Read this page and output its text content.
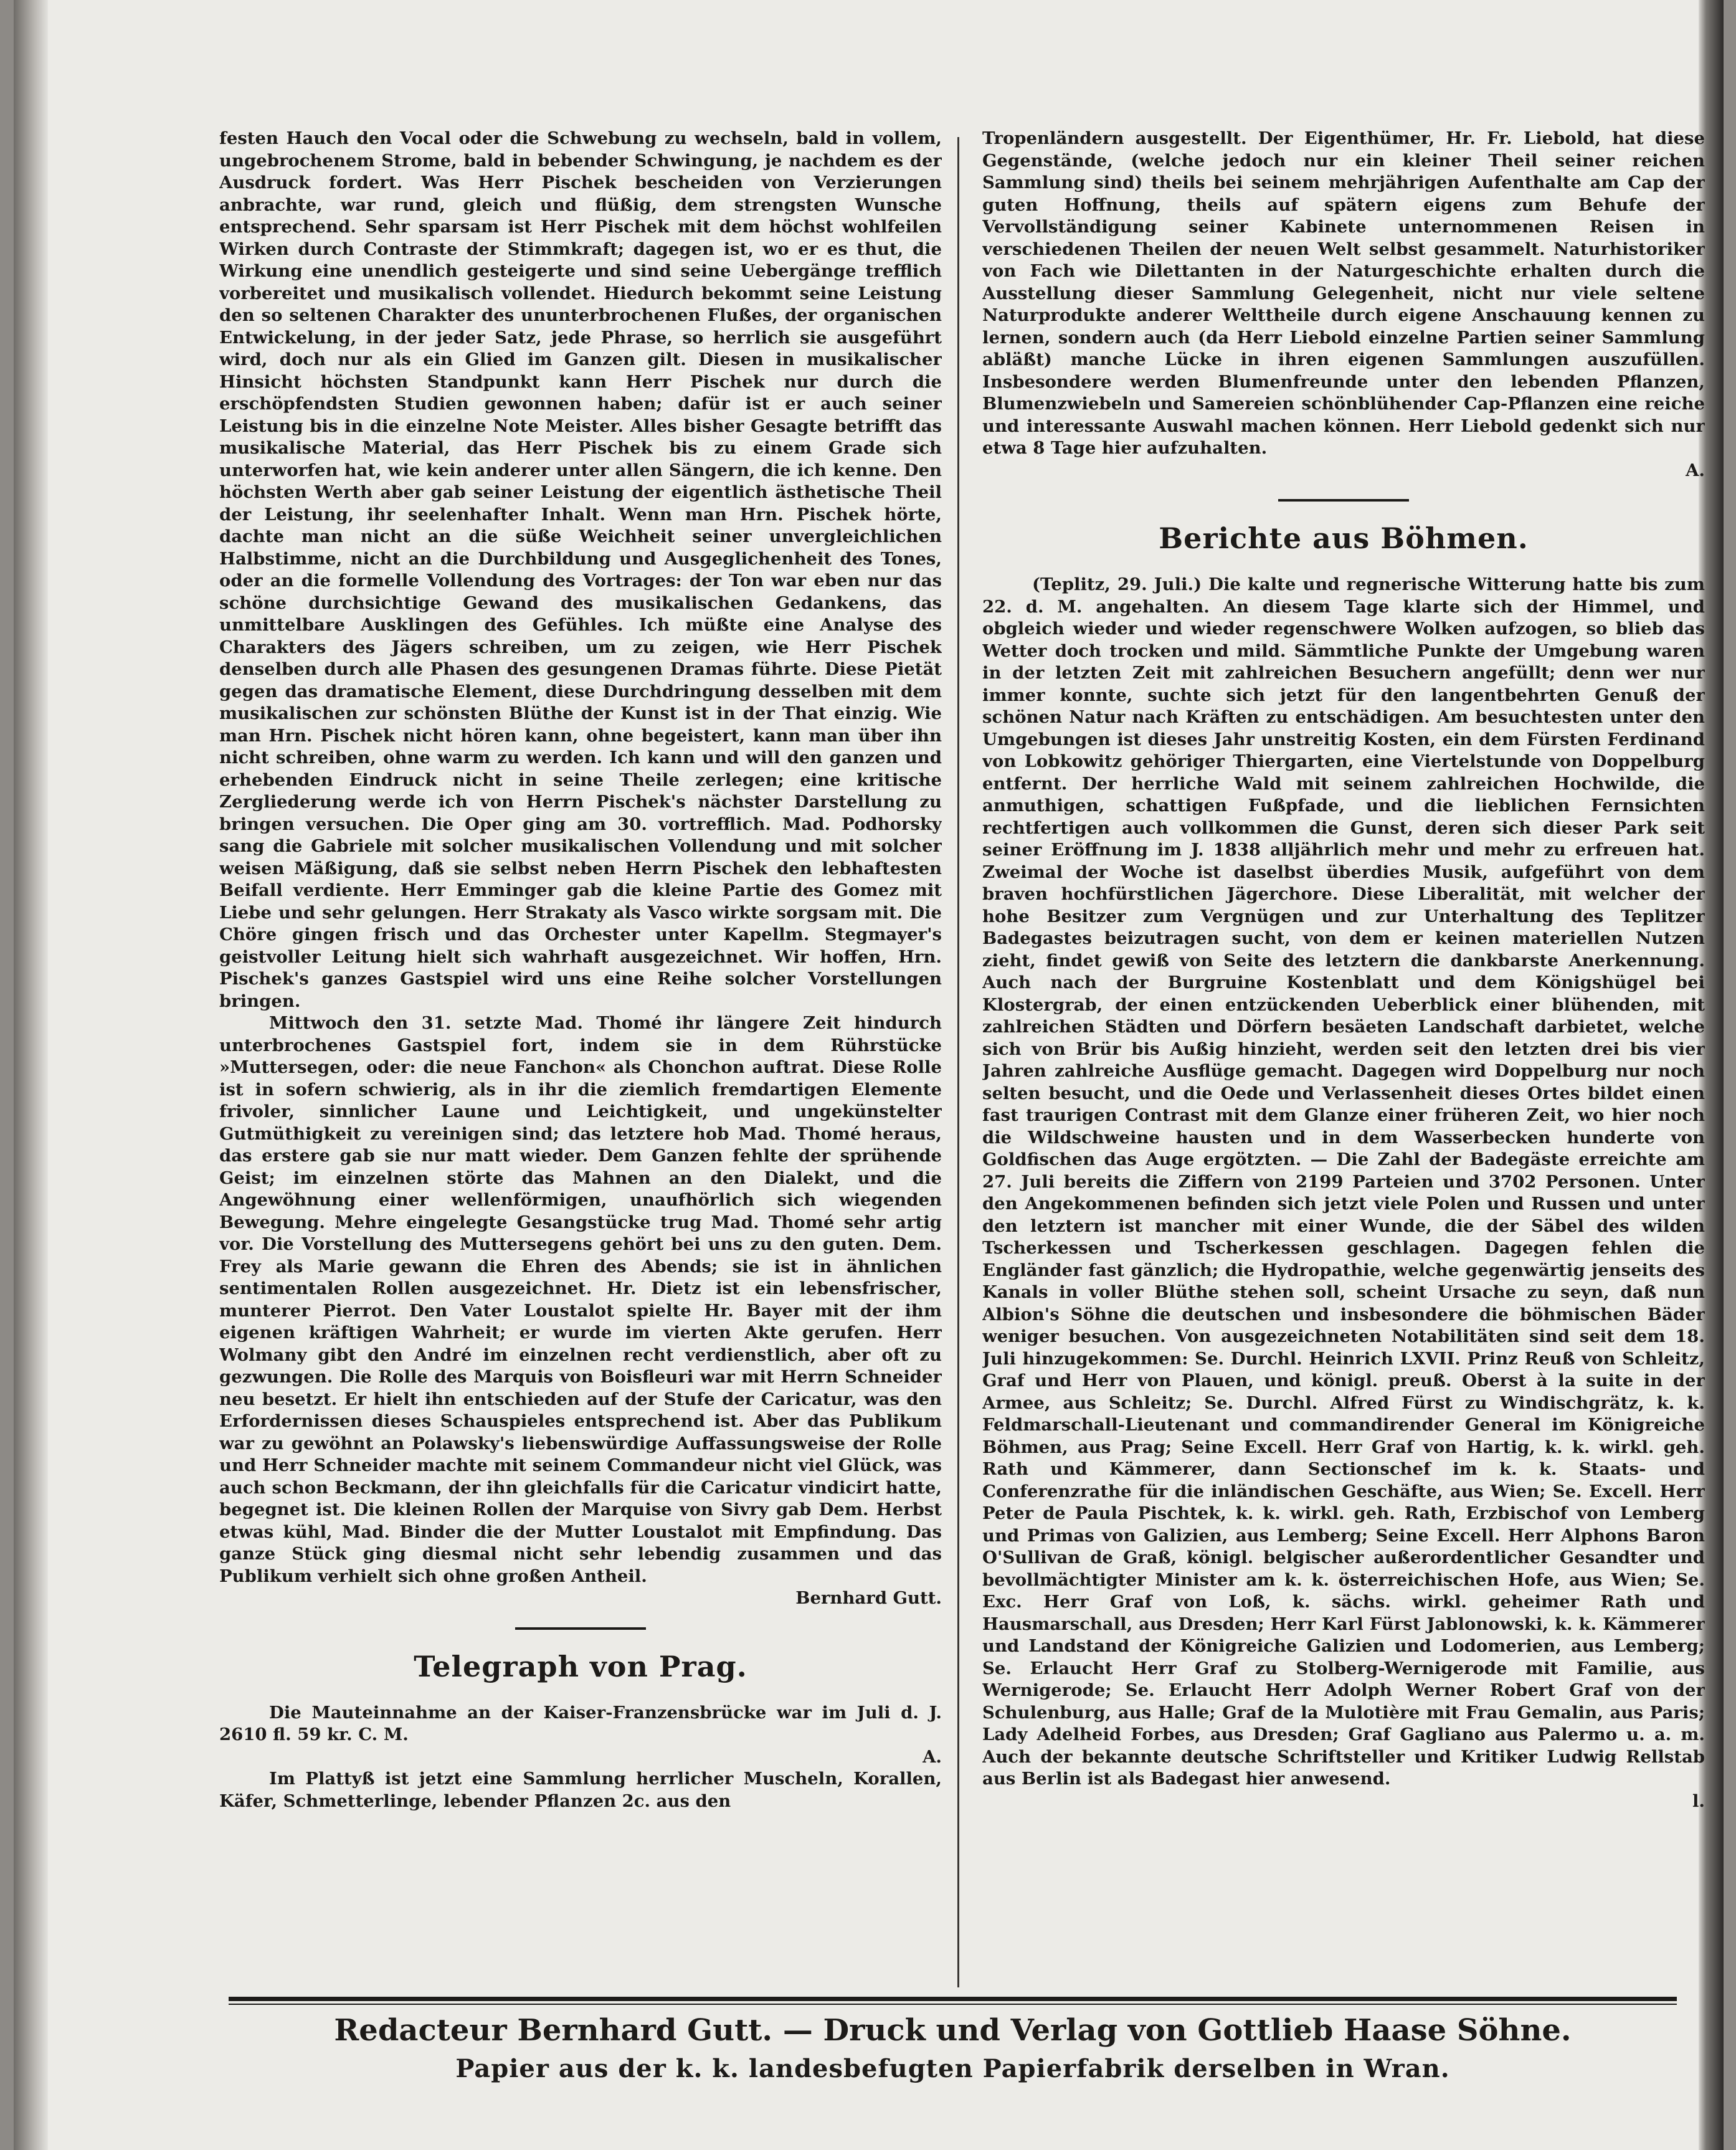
festen Hauch den Vocal oder die Schwebung zu wechseln, bald in vollem, ungebrochenem Strome, bald in bebender Schwingung, je nachdem es der Ausdruck fordert. Was Herr Pischek bescheiden von Verzierungen anbrachte, war rund, gleich und flüßig, dem strengsten Wunsche entsprechend. Sehr sparsam ist Herr Pischek mit dem höchst wohlfeilen Wirken durch Contraste der Stimmkraft; dagegen ist, wo er es thut, die Wirkung eine unendlich gesteigerte und sind seine Uebergänge trefflich vorbereitet und musikalisch vollendet. Hiedurch bekommt seine Leistung den so seltenen Charakter des ununterbrochenen Flußes, der organischen Entwickelung, in der jeder Satz, jede Phrase, so herrlich sie ausgeführt wird, doch nur als ein Glied im Ganzen gilt. Diesen in musikalischer Hinsicht höchsten Standpunkt kann Herr Pischek nur durch die erschöpfendsten Studien gewonnen haben; dafür ist er auch seiner Leistung bis in die einzelne Note Meister. Alles bisher Gesagte betrifft das musikalische Material, das Herr Pischek bis zu einem Grade sich unterworfen hat, wie kein anderer unter allen Sängern, die ich kenne. Den höchsten Werth aber gab seiner Leistung der eigentlich ästhetische Theil der Leistung, ihr seelenhafter Inhalt. Wenn man Hrn. Pischek hörte, dachte man nicht an die süße Weichheit seiner unvergleichlichen Halbstimme, nicht an die Durchbildung und Ausgeglichenheit des Tones, oder an die formelle Vollendung des Vortrages: der Ton war eben nur das schöne durchsichtige Gewand des musikalischen Gedankens, das unmittelbare Ausklingen des Gefühles. Ich müßte eine Analyse des Charakters des Jägers schreiben, um zu zeigen, wie Herr Pischek denselben durch alle Phasen des gesungenen Dramas führte. Diese Pietät gegen das dramatische Element, diese Durchdringung desselben mit dem musikalischen zur schönsten Blüthe der Kunst ist in der That einzig. Wie man Hrn. Pischek nicht hören kann, ohne begeistert, kann man über ihn nicht schreiben, ohne warm zu werden. Ich kann und will den ganzen und erhebenden Eindruck nicht in seine Theile zerlegen; eine kritische Zergliederung werde ich von Herrn Pischek's nächster Darstellung zu bringen versuchen. Die Oper ging am 30. vortrefflich. Mad. Podhorsky sang die Gabriele mit solcher musikalischen Vollendung und mit solcher weisen Mäßigung, daß sie selbst neben Herrn Pischek den lebhaftesten Beifall verdiente. Herr Emminger gab die kleine Partie des Gomez mit Liebe und sehr gelungen. Herr Strakaty als Vasco wirkte sorgsam mit. Die Chöre gingen frisch und das Orchester unter Kapellm. Stegmayer's geistvoller Leitung hielt sich wahrhaft ausgezeichnet. Wir hoffen, Hrn. Pischek's ganzes Gastspiel wird uns eine Reihe solcher Vorstellungen bringen.

Mittwoch den 31. setzte Mad. Thomé ihr längere Zeit hindurch unterbrochenes Gastspiel fort, indem sie in dem Rührstücke »Muttersegen, oder: die neue Fanchon« als Chonchon auftrat. Diese Rolle ist in sofern schwierig, als in ihr die ziemlich fremdartigen Elemente frivoler, sinnlicher Laune und Leichtigkeit, und ungekünstelter Gutmüthigkeit zu vereinigen sind; das letztere hob Mad. Thomé heraus, das erstere gab sie nur matt wieder. Dem Ganzen fehlte der sprühende Geist; im einzelnen störte das Mahnen an den Dialekt, und die Angewöhnung einer wellenförmigen, unaufhörlich sich wiegenden Bewegung. Mehre eingelegte Gesangstücke trug Mad. Thomé sehr artig vor. Die Vorstellung des Muttersegens gehört bei uns zu den guten. Dem. Frey als Marie gewann die Ehren des Abends; sie ist in ähnlichen sentimentalen Rollen ausgezeichnet. Hr. Dietz ist ein lebensfrischer, munterer Pierrot. Den Vater Loustalot spielte Hr. Bayer mit der ihm eigenen kräftigen Wahrheit; er wurde im vierten Akte gerufen. Herr Wolmany gibt den André im einzelnen recht verdienstlich, aber oft zu gezwungen. Die Rolle des Marquis von Boisfleuri war mit Herrn Schneider neu besetzt. Er hielt ihn entschieden auf der Stufe der Caricatur, was den Erfordernissen dieses Schauspieles entsprechend ist. Aber das Publikum war zu gewöhnt an Polawsky's liebenswürdige Auffassungsweise der Rolle und Herr Schneider machte mit seinem Commandeur nicht viel Glück, was auch schon Beckmann, der ihn gleichfalls für die Caricatur vindicirt hatte, begegnet ist. Die kleinen Rollen der Marquise von Sivry gab Dem. Herbst etwas kühl, Mad. Binder die der Mutter Loustalot mit Empfindung. Das ganze Stück ging diesmal nicht sehr lebendig zusammen und das Publikum verhielt sich ohne großen Antheil.

Bernhard Gutt.

Telegraph von Prag.

Die Mauteinnahme an der Kaiser-Franzensbrücke war im Juli d. J. 2610 fl. 59 kr. C. M.

A.

Im Plattyß ist jetzt eine Sammlung herrlicher Muscheln, Korallen, Käfer, Schmetterlinge, lebender Pflanzen 2c. aus den

Tropenländern ausgestellt. Der Eigenthümer, Hr. Fr. Liebold, hat diese Gegenstände, (welche jedoch nur ein kleiner Theil seiner reichen Sammlung sind) theils bei seinem mehrjährigen Aufenthalte am Cap der guten Hoffnung, theils auf spätern eigens zum Behufe der Vervollständigung seiner Kabinete unternommenen Reisen in verschiedenen Theilen der neuen Welt selbst gesammelt. Naturhistoriker von Fach wie Dilettanten in der Naturgeschichte erhalten durch die Ausstellung dieser Sammlung Gelegenheit, nicht nur viele seltene Naturprodukte anderer Welttheile durch eigene Anschauung kennen zu lernen, sondern auch (da Herr Liebold einzelne Partien seiner Sammlung abläßt) manche Lücke in ihren eigenen Sammlungen auszufüllen. Insbesondere werden Blumenfreunde unter den lebenden Pflanzen, Blumenzwiebeln und Samereien schönblühender Cap-Pflanzen eine reiche und interessante Auswahl machen können. Herr Liebold gedenkt sich nur etwa 8 Tage hier aufzuhalten.

A.

Berichte aus Böhmen.

(Teplitz, 29. Juli.) Die kalte und regnerische Witterung hatte bis zum 22. d. M. angehalten. An diesem Tage klarte sich der Himmel, und obgleich wieder und wieder regenschwere Wolken aufzogen, so blieb das Wetter doch trocken und mild. Sämmtliche Punkte der Umgebung waren in der letzten Zeit mit zahlreichen Besuchern angefüllt; denn wer nur immer konnte, suchte sich jetzt für den langentbehrten Genuß der schönen Natur nach Kräften zu entschädigen. Am besuchtesten unter den Umgebungen ist dieses Jahr unstreitig Kosten, ein dem Fürsten Ferdinand von Lobkowitz gehöriger Thiergarten, eine Viertelstunde von Doppelburg entfernt. Der herrliche Wald mit seinem zahlreichen Hochwilde, die anmuthigen, schattigen Fußpfade, und die lieblichen Fernsichten rechtfertigen auch vollkommen die Gunst, deren sich dieser Park seit seiner Eröffnung im J. 1838 alljährlich mehr und mehr zu erfreuen hat. Zweimal der Woche ist daselbst überdies Musik, aufgeführt von dem braven hochfürstlichen Jägerchore. Diese Liberalität, mit welcher der hohe Besitzer zum Vergnügen und zur Unterhaltung des Teplitzer Badegastes beizutragen sucht, von dem er keinen materiellen Nutzen zieht, findet gewiß von Seite des letztern die dankbarste Anerkennung. Auch nach der Burgruine Kostenblatt und dem Königshügel bei Klostergrab, der einen entzückenden Ueberblick einer blühenden, mit zahlreichen Städten und Dörfern besäeten Landschaft darbietet, welche sich von Brür bis Außig hinzieht, werden seit den letzten drei bis vier Jahren zahlreiche Ausflüge gemacht. Dagegen wird Doppelburg nur noch selten besucht, und die Oede und Verlassenheit dieses Ortes bildet einen fast traurigen Contrast mit dem Glanze einer früheren Zeit, wo hier noch die Wildschweine hausten und in dem Wasserbecken hunderte von Goldfischen das Auge ergötzten. — Die Zahl der Badegäste erreichte am 27. Juli bereits die Ziffern von 2199 Parteien und 3702 Personen. Unter den Angekommenen befinden sich jetzt viele Polen und Russen und unter den letztern ist mancher mit einer Wunde, die der Säbel des wilden Tscherkessen und Tscherkessen geschlagen. Dagegen fehlen die Engländer fast gänzlich; die Hydropathie, welche gegenwärtig jenseits des Kanals in voller Blüthe stehen soll, scheint Ursache zu seyn, daß nun Albion's Söhne die deutschen und insbesondere die böhmischen Bäder weniger besuchen. Von ausgezeichneten Notabilitäten sind seit dem 18. Juli hinzugekommen: Se. Durchl. Heinrich LXVII. Prinz Reuß von Schleitz, Graf und Herr von Plauen, und königl. preuß. Oberst à la suite in der Armee, aus Schleitz; Se. Durchl. Alfred Fürst zu Windischgrätz, k. k. Feldmarschall-Lieutenant und commandirender General im Königreiche Böhmen, aus Prag; Seine Excell. Herr Graf von Hartig, k. k. wirkl. geh. Rath und Kämmerer, dann Sectionschef im k. k. Staats- und Conferenzrathe für die inländischen Geschäfte, aus Wien; Se. Excell. Herr Peter de Paula Pischtek, k. k. wirkl. geh. Rath, Erzbischof von Lemberg und Primas von Galizien, aus Lemberg; Seine Excell. Herr Alphons Baron O'Sullivan de Graß, königl. belgischer außerordentlicher Gesandter und bevollmächtigter Minister am k. k. österreichischen Hofe, aus Wien; Se. Exc. Herr Graf von Loß, k. sächs. wirkl. geheimer Rath und Hausmarschall, aus Dresden; Herr Karl Fürst Jablonowski, k. k. Kämmerer und Landstand der Königreiche Galizien und Lodomerien, aus Lemberg; Se. Erlaucht Herr Graf zu Stolberg-Wernigerode mit Familie, aus Wernigerode; Se. Erlaucht Herr Adolph Werner Robert Graf von der Schulenburg, aus Halle; Graf de la Mulotière mit Frau Gemalin, aus Paris; Lady Adelheid Forbes, aus Dresden; Graf Gagliano aus Palermo u. a. m. Auch der bekannte deutsche Schriftsteller und Kritiker Ludwig Rellstab aus Berlin ist als Badegast hier anwesend.

l.

Redacteur Bernhard Gutt. — Druck und Verlag von Gottlieb Haase Söhne.
Papier aus der k. k. landesbefugten Papierfabrik derselben in Wran.
